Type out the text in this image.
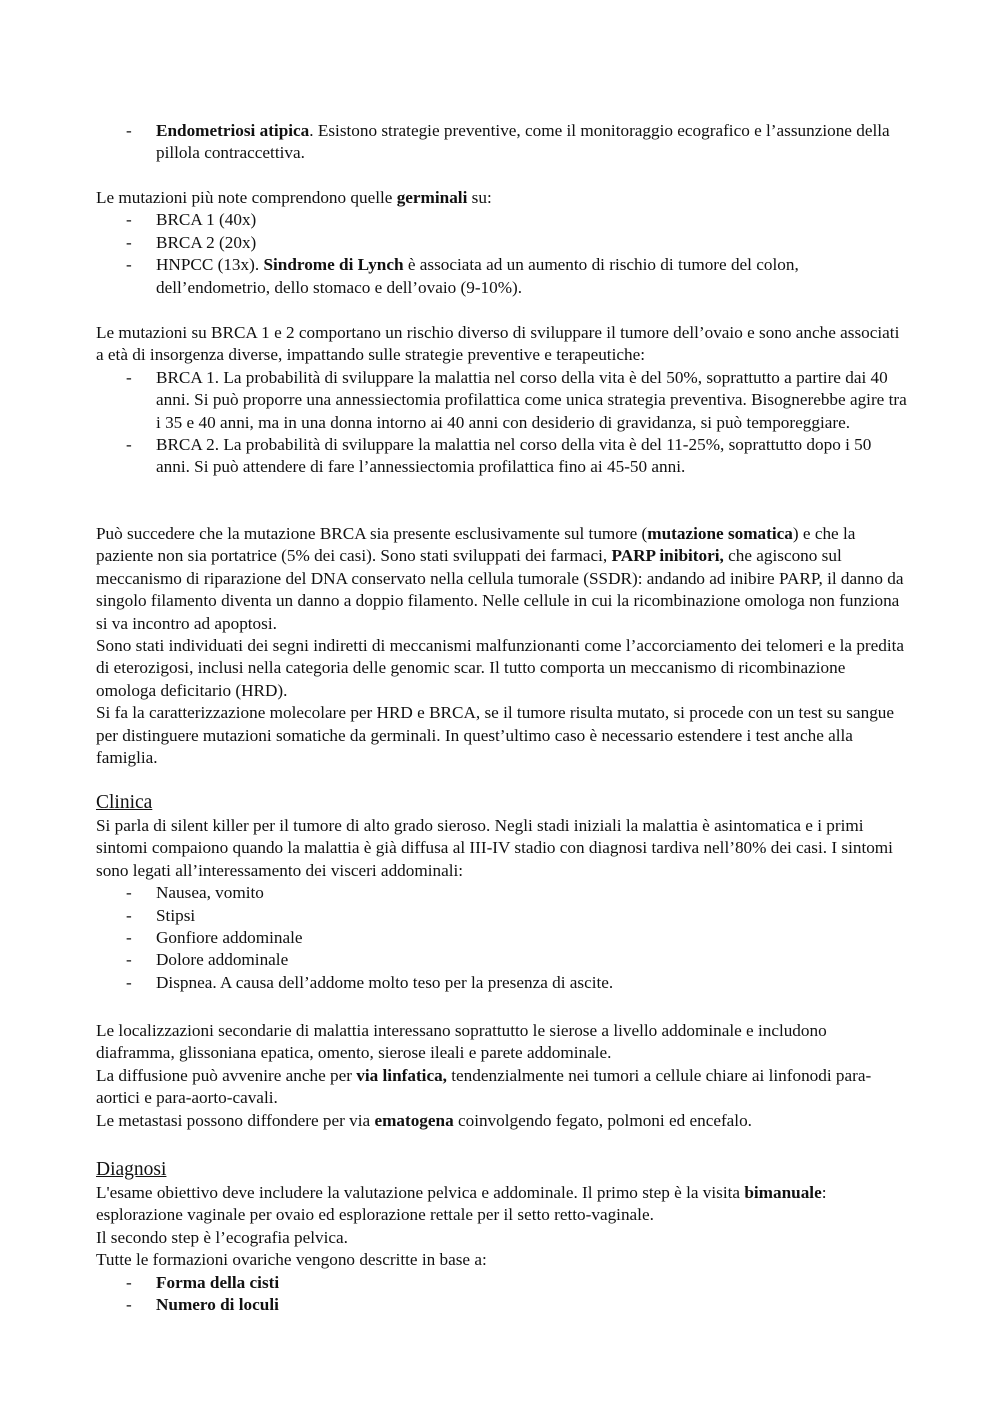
- Endometriosi atipica. Esistono strategie preventive, come il monitoraggio ecografico e l’assunzione della pillola contraccettiva.

Le mutazioni più note comprendono quelle germinali su:

- BRCA 1 (40x)

- BRCA 2 (20x)

- HNPCC (13x). Sindrome di Lynch è associata ad un aumento di rischio di tumore del colon, dell’endometrio, dello stomaco e dell’ovaio (9-10%).

Le mutazioni su BRCA 1 e 2 comportano un rischio diverso di sviluppare il tumore dell’ovaio e sono anche associati a età di insorgenza diverse, impattando sulle strategie preventive e terapeutiche:

- BRCA 1. La probabilità di sviluppare la malattia nel corso della vita è del 50%, soprattutto a partire dai 40 anni. Si può proporre una annessiectomia profilattica come unica strategia preventiva. Bisognerebbe agire tra i 35 e 40 anni, ma in una donna intorno ai 40 anni con desiderio di gravidanza, si può temporeggiare.

- BRCA 2. La probabilità di sviluppare la malattia nel corso della vita è del 11-25%, soprattutto dopo i 50 anni. Si può attendere di fare l’annessiectomia profilattica fino ai 45-50 anni.

Può succedere che la mutazione BRCA sia presente esclusivamente sul tumore (mutazione somatica) e che la paziente non sia portatrice (5% dei casi). Sono stati sviluppati dei farmaci, PARP inibitori, che agiscono sul meccanismo di riparazione del DNA conservato nella cellula tumorale (SSDR): andando ad inibire PARP, il danno da singolo filamento diventa un danno a doppio filamento. Nelle cellule in cui la ricombinazione omologa non funziona si va incontro ad apoptosi.

Sono stati individuati dei segni indiretti di meccanismi malfunzionanti come l’accorciamento dei telomeri e la predita di eterozigosi, inclusi nella categoria delle genomic scar. Il tutto comporta un meccanismo di ricombinazione omologa deficitario (HRD).

Si fa la caratterizzazione molecolare per HRD e BRCA, se il tumore risulta mutato, si procede con un test su sangue per distinguere mutazioni somatiche da germinali. In quest’ultimo caso è necessario estendere i test anche alla famiglia.

Clinica

Si parla di silent killer per il tumore di alto grado sieroso. Negli stadi iniziali la malattia è asintomatica e i primi sintomi compaiono quando la malattia è già diffusa al III-IV stadio con diagnosi tardiva nell’80% dei casi. I sintomi sono legati all’interessamento dei visceri addominali:

- Nausea, vomito

- Stipsi

- Gonfiore addominale

- Dolore addominale

- Dispnea. A causa dell’addome molto teso per la presenza di ascite.

Le localizzazioni secondarie di malattia interessano soprattutto le sierose a livello addominale e includono diaframma, glissoniana epatica, omento, sierose ileali e parete addominale.

La diffusione può avvenire anche per via linfatica, tendenzialmente nei tumori a cellule chiare ai linfonodi para-aortici e para-aorto-cavali.

Le metastasi possono diffondere per via ematogena coinvolgendo fegato, polmoni ed encefalo.

Diagnosi

L'esame obiettivo deve includere la valutazione pelvica e addominale. Il primo step è la visita bimanuale: esplorazione vaginale per ovaio ed esplorazione rettale per il setto retto-vaginale.

Il secondo step è l’ecografia pelvica.

Tutte le formazioni ovariche vengono descritte in base a:

- Forma della cisti

- Numero di loculi
